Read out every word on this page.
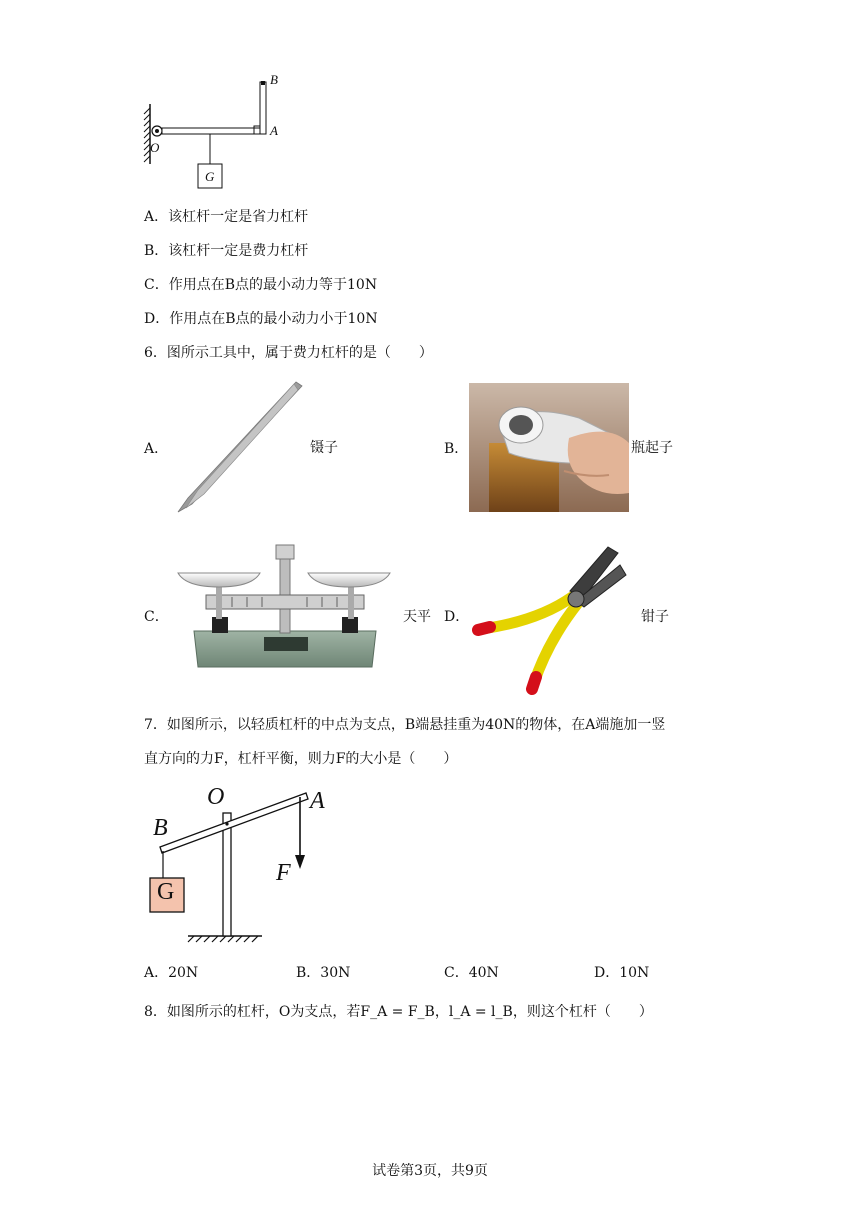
B
A
O
G
A．该杠杆一定是省力杠杆
B．该杠杆一定是费力杠杆
C．作用点在B点的最小动力等于10N
D．作用点在B点的最小动力小于10N
6．图所示工具中，属于费力杠杆的是（　　）
A．	镊子	B．	瓶起子
C．	天平 D．	钳子
7．如图所示，以轻质杠杆的中点为支点，B端悬挂重为40N的物体，在A端施加一竖
直方向的力F，杠杆平衡，则力F的大小是（　　）
O	A
B
F
G
A．20N	B．30N	C．40N	D．10N
8．如图所示的杠杆，O为支点，若F_A = F_B，l_A = l_B，则这个杠杆（　　）
试卷第3页，共9页
